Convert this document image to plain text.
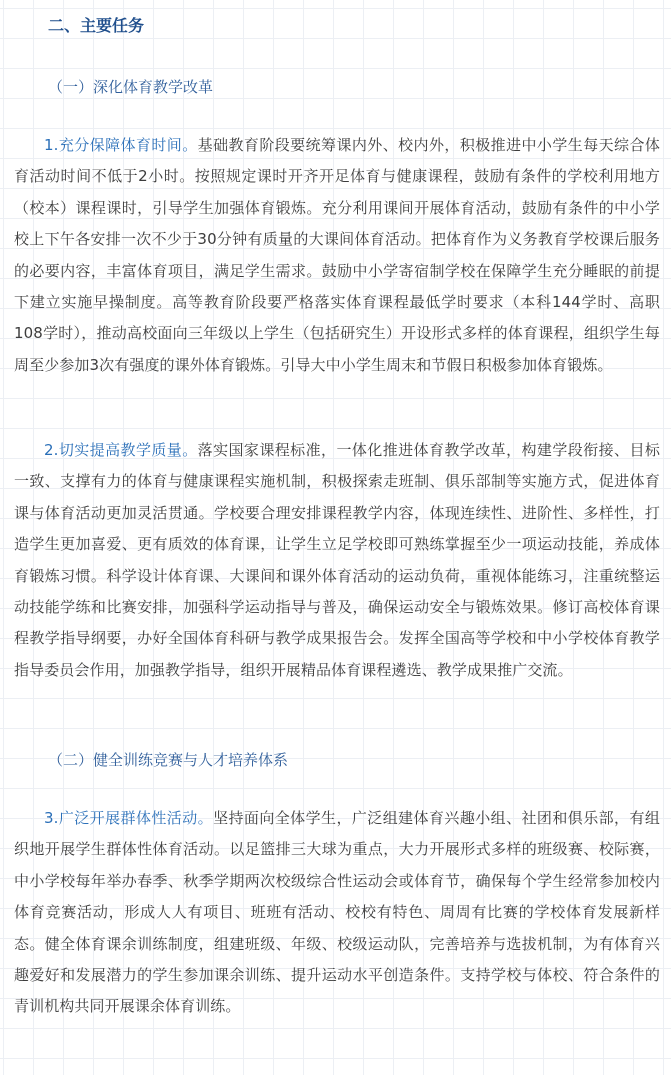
二、主要任务
（一）深化体育教学改革

1.充分保障体育时间。基础教育阶段要统筹课内外、校内外，积极推进中小学生每天综合体育活动时间不低于2小时。按照规定课时开齐开足体育与健康课程，鼓励有条件的学校利用地方（校本）课程课时，引导学生加强体育锻炼。充分利用课间开展体育活动，鼓励有条件的中小学校上下午各安排一次不少于30分钟有质量的大课间体育活动。把体育作为义务教育学校课后服务的必要内容，丰富体育项目，满足学生需求。鼓励中小学寄宿制学校在保障学生充分睡眠的前提下建立实施早操制度。高等教育阶段要严格落实体育课程最低学时要求（本科144学时、高职108学时），推动高校面向三年级以上学生（包括研究生）开设形式多样的体育课程，组织学生每周至少参加3次有强度的课外体育锻炼。引导大中小学生周末和节假日积极参加体育锻炼。

2.切实提高教学质量。落实国家课程标准，一体化推进体育教学改革，构建学段衔接、目标一致、支撑有力的体育与健康课程实施机制，积极探索走班制、俱乐部制等实施方式，促进体育课与体育活动更加灵活贯通。学校要合理安排课程教学内容，体现连续性、进阶性、多样性，打造学生更加喜爱、更有质效的体育课，让学生立足学校即可熟练掌握至少一项运动技能，养成体育锻炼习惯。科学设计体育课、大课间和课外体育活动的运动负荷，重视体能练习，注重统整运动技能学练和比赛安排，加强科学运动指导与普及，确保运动安全与锻炼效果。修订高校体育课程教学指导纲要，办好全国体育科研与教学成果报告会。发挥全国高等学校和中小学校体育教学指导委员会作用，加强教学指导，组织开展精品体育课程遴选、教学成果推广交流。

（二）健全训练竞赛与人才培养体系

3.广泛开展群体性活动。坚持面向全体学生，广泛组建体育兴趣小组、社团和俱乐部，有组织地开展学生群体性体育活动。以足篮排三大球为重点，大力开展形式多样的班级赛、校际赛，中小学校每年举办春季、秋季学期两次校级综合性运动会或体育节，确保每个学生经常参加校内体育竞赛活动，形成人人有项目、班班有活动、校校有特色、周周有比赛的学校体育发展新样态。健全体育课余训练制度，组建班级、年级、校级运动队，完善培养与选拔机制，为有体育兴趣爱好和发展潜力的学生参加课余训练、提升运动水平创造条件。支持学校与体校、符合条件的青训机构共同开展课余体育训练。
